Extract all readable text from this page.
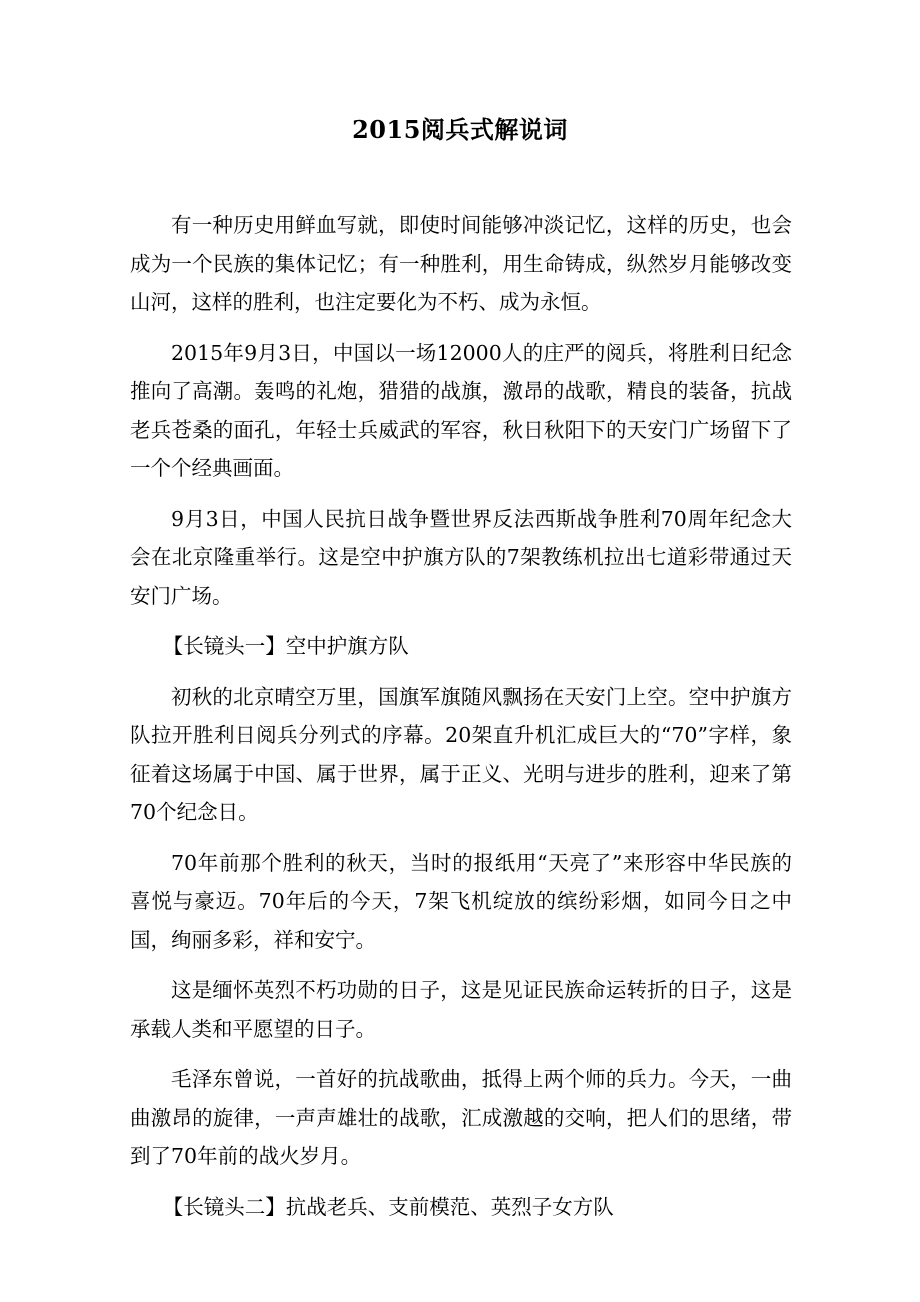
2015阅兵式解说词

有一种历史用鲜血写就，即使时间能够冲淡记忆，这样的历史，也会成为一个民族的集体记忆；有一种胜利，用生命铸成，纵然岁月能够改变山河，这样的胜利，也注定要化为不朽、成为永恒。

2015年9月3日，中国以一场12000人的庄严的阅兵，将胜利日纪念推向了高潮。轰鸣的礼炮，猎猎的战旗，激昂的战歌，精良的装备，抗战老兵苍桑的面孔，年轻士兵威武的军容，秋日秋阳下的天安门广场留下了一个个经典画面。

9月3日，中国人民抗日战争暨世界反法西斯战争胜利70周年纪念大会在北京隆重举行。这是空中护旗方队的7架教练机拉出七道彩带通过天安门广场。

【长镜头一】空中护旗方队

初秋的北京晴空万里，国旗军旗随风飘扬在天安门上空。空中护旗方队拉开胜利日阅兵分列式的序幕。20架直升机汇成巨大的“70”字样，象征着这场属于中国、属于世界，属于正义、光明与进步的胜利，迎来了第70个纪念日。

70年前那个胜利的秋天，当时的报纸用“天亮了”来形容中华民族的喜悦与豪迈。70年后的今天，7架飞机绽放的缤纷彩烟，如同今日之中国，绚丽多彩，祥和安宁。

这是缅怀英烈不朽功勋的日子，这是见证民族命运转折的日子，这是承载人类和平愿望的日子。

毛泽东曾说，一首好的抗战歌曲，抵得上两个师的兵力。今天，一曲曲激昂的旋律，一声声雄壮的战歌，汇成激越的交响，把人们的思绪，带到了70年前的战火岁月。

【长镜头二】抗战老兵、支前模范、英烈子女方队
